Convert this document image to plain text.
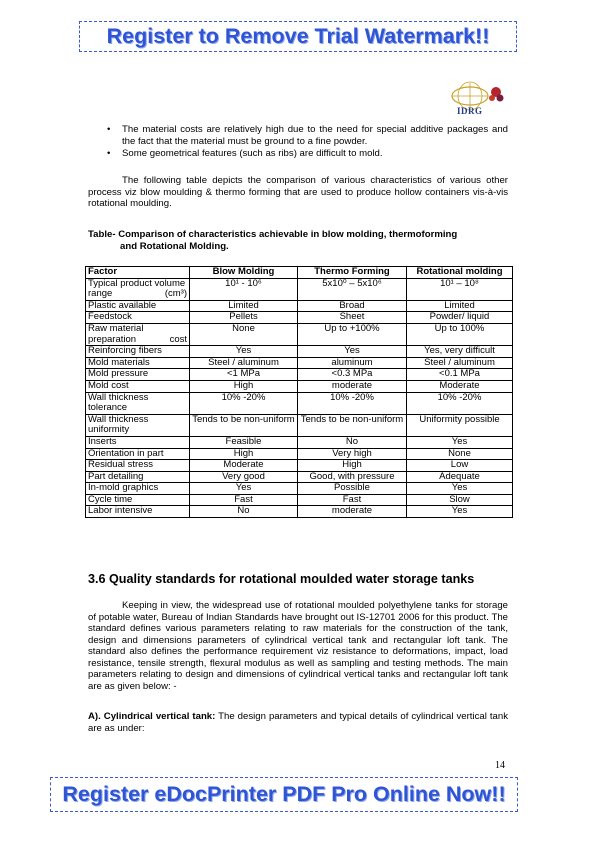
Register to Remove Trial Watermark!!
IDRG
• The material costs are relatively high due to the need for special additive packages and the fact that the material must be ground to a fine powder.
• Some geometrical features (such as ribs) are difficult to mold.

The following table depicts the comparison of various characteristics of various other process viz blow moulding & thermo forming that are used to produce hollow containers vis-à-vis rotational moulding.

Table- Comparison of characteristics achievable in blow molding, thermoforming
and Rotational Molding.
Factor	Blow Molding	Thermo Forming	Rotational molding
Typical product volume range (cm³)	10¹ - 10⁶	5x10⁰ – 5x10⁶	10¹ – 10⁸
Plastic available	Limited	Broad	Limited
Feedstock	Pellets	Sheet	Powder/ liquid
Raw material preparation cost	None	Up to +100%	Up to 100%
Reinforcing fibers	Yes	Yes	Yes, very difficult
Mold materials	Steel / aluminum	aluminum	Steel / aluminum
Mold pressure	<1 MPa	<0.3 MPa	<0.1 MPa
Mold cost	High	moderate	Moderate
Wall thickness tolerance	10% -20%	10% -20%	10% -20%
Wall thickness uniformity	Tends to be non-uniform	Tends to be non-uniform	Uniformity possible
Inserts	Feasible	No	Yes
Orientation in part	High	Very high	None
Residual stress	Moderate	High	Low
Part detailing	Very good	Good, with pressure	Adequate
In-mold graphics	Yes	Possible	Yes
Cycle time	Fast	Fast	Slow
Labor intensive	No	moderate	Yes
3.6 Quality standards for rotational moulded water storage tanks

Keeping in view, the widespread use of rotational moulded polyethylene tanks for storage of potable water, Bureau of Indian Standards have brought out IS-12701 2006 for this product. The standard defines various parameters relating to raw materials for the construction of the tank, design and dimensions parameters of cylindrical vertical tank and rectangular loft tank. The standard also defines the performance requirement viz resistance to deformations, impact, load resistance, tensile strength, flexural modulus as well as sampling and testing methods. The main parameters relating to design and dimensions of cylindrical vertical tanks and rectangular loft tank are as given below: -

A). Cylindrical vertical tank: The design parameters and typical details of cylindrical vertical tank are as under:

14
Register eDocPrinter PDF Pro Online Now!!
